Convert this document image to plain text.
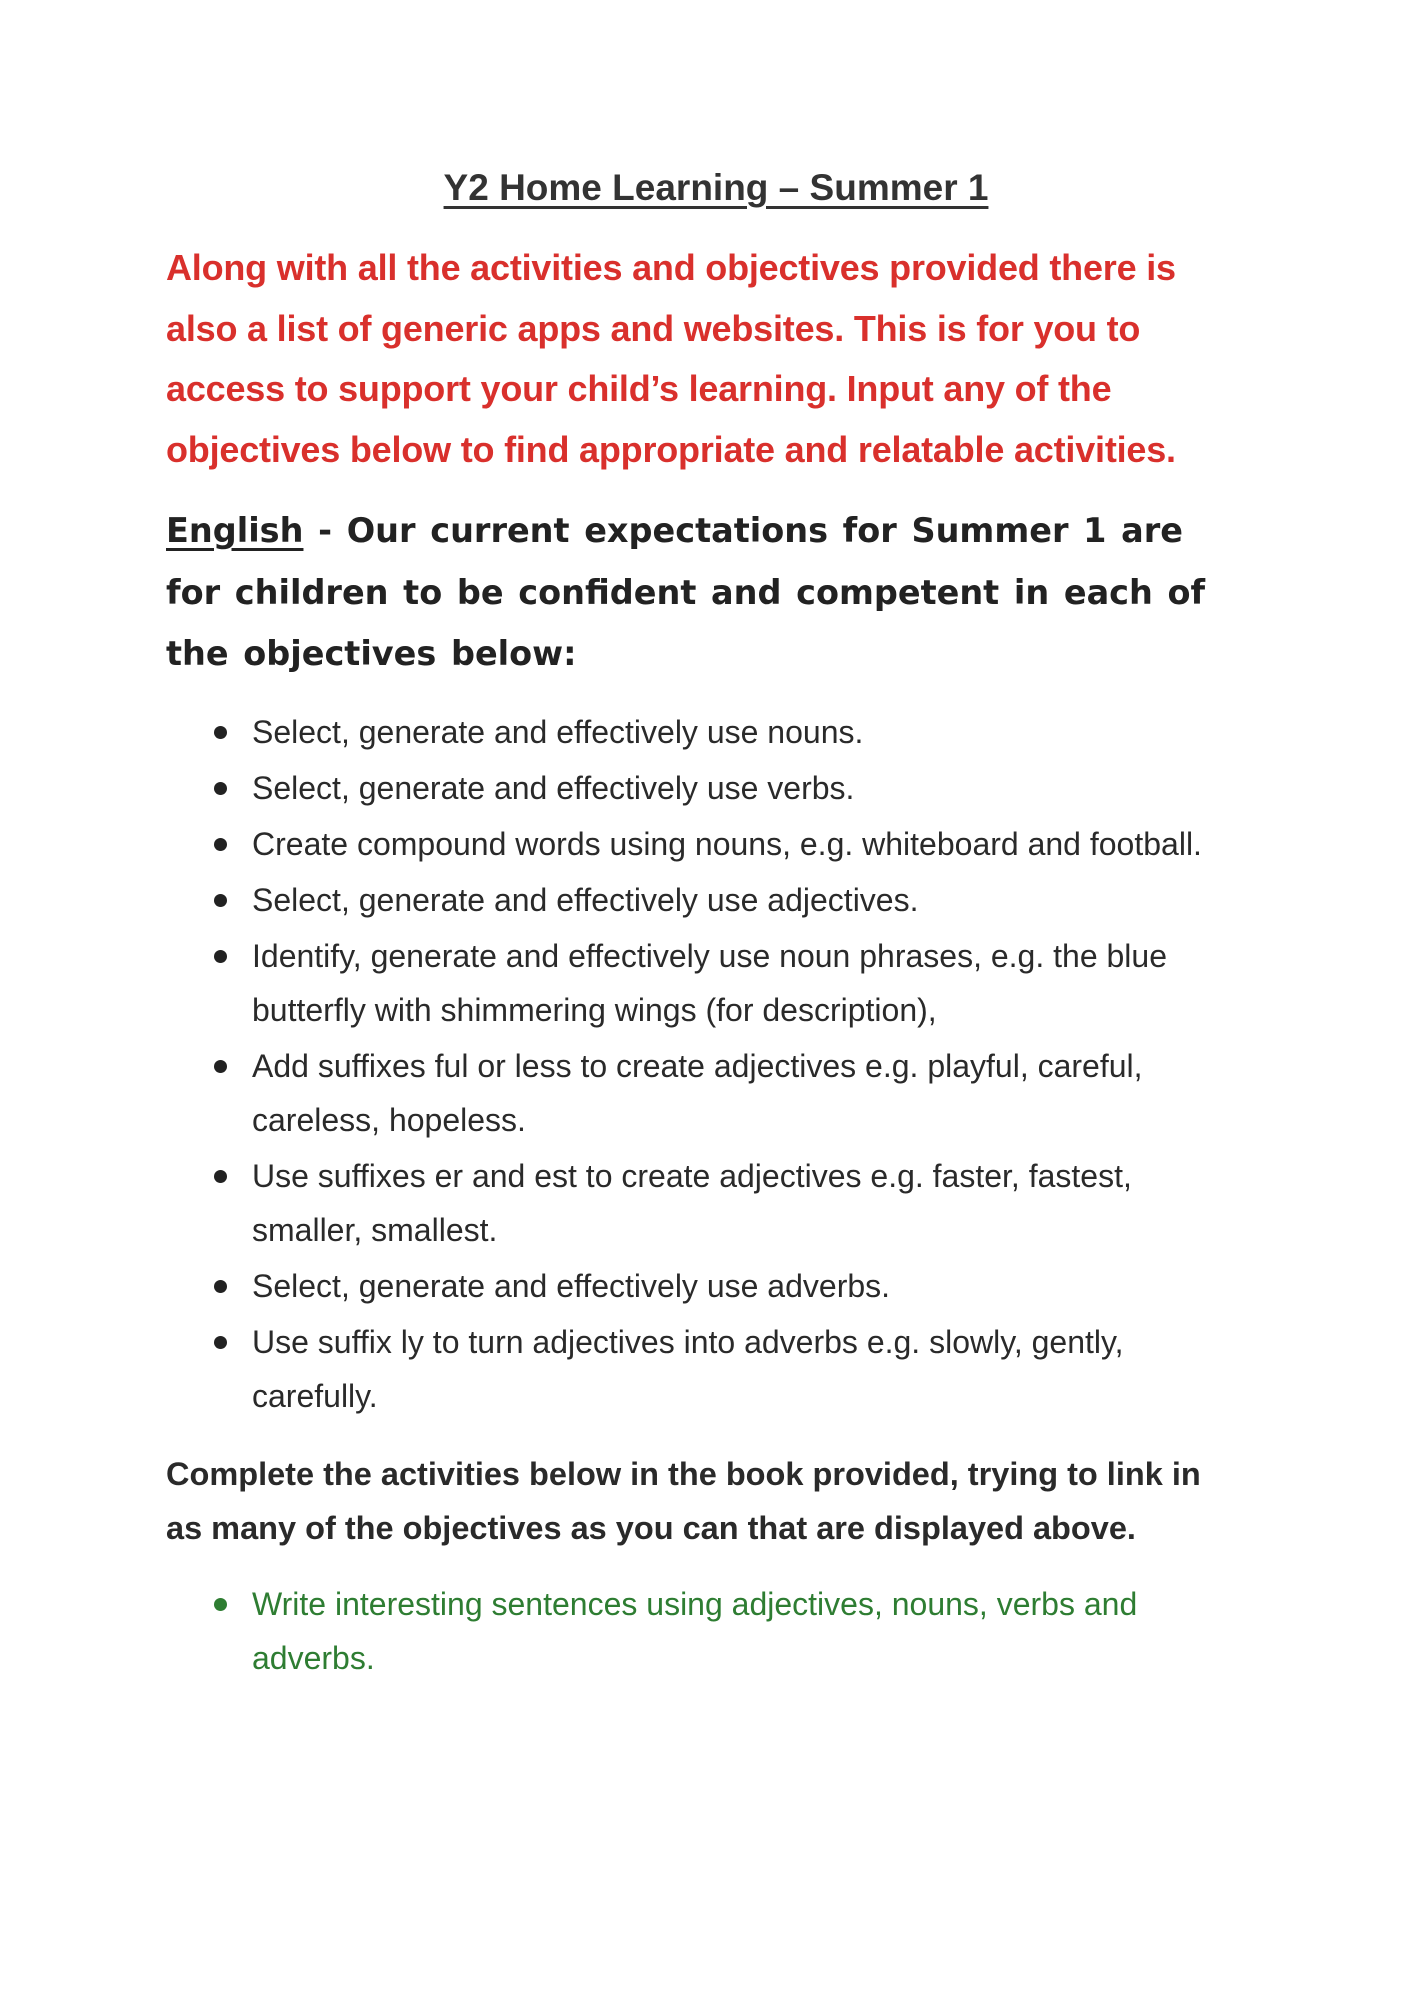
Y2 Home Learning – Summer 1

Along with all the activities and objectives provided there is also a list of generic apps and websites. This is for you to access to support your child’s learning. Input any of the objectives below to find appropriate and relatable activities.

English - Our current expectations for Summer 1 are for children to be confident and competent in each of the objectives below:

Select, generate and effectively use nouns.
Select, generate and effectively use verbs.
Create compound words using nouns, e.g. whiteboard and football.
Select, generate and effectively use adjectives.
Identify, generate and effectively use noun phrases, e.g. the blue butterfly with shimmering wings (for description),
Add suffixes ful or less to create adjectives e.g. playful, careful, careless, hopeless.
Use suffixes er and est to create adjectives e.g. faster, fastest, smaller, smallest.
Select, generate and effectively use adverbs.
Use suffix ly to turn adjectives into adverbs e.g. slowly, gently, carefully.

Complete the activities below in the book provided, trying to link in as many of the objectives as you can that are displayed above.

Write interesting sentences using adjectives, nouns, verbs and adverbs.
